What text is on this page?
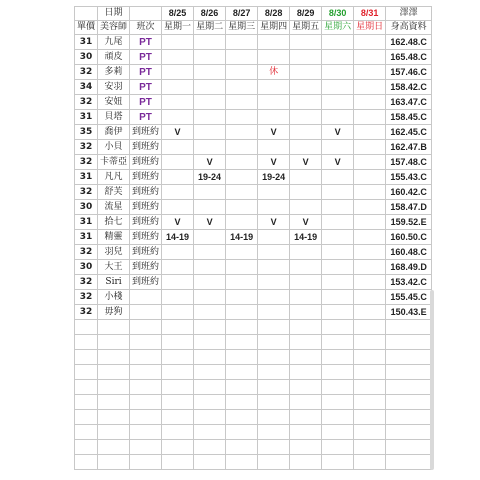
	日期		8/25	8/26	8/27	8/28	8/29	8/30	8/31	澤澤
單價	美容師	班次	星期一	星期二	星期三	星期四	星期五	星期六	星期日	身高資料
31	九尾	PT								162.48.C
30	頑皮	PT								165.48.C
32	多莉	PT				休				157.46.C
34	安羽	PT								158.42.C
32	安妞	PT								163.47.C
31	貝塔	PT								158.45.C
35	喬伊	到班約	V			V		V		162.45.C
32	小貝	到班約								162.47.B
32	卡蒂亞	到班約		V		V	V	V		157.48.C
31	凡凡	到班約		19-24		19-24				155.43.C
32	舒芙	到班約								160.42.C
30	流星	到班約								158.47.D
31	拾七	到班約	V	V		V	V			159.52.E
31	精靈	到班約	14-19		14-19		14-19			160.50.C
32	羽兒	到班約								160.48.C
30	大王	到班約								168.49.D
32	Siri	到班約								153.42.C
32	小棧									155.45.C
32	毋狗									150.43.E
